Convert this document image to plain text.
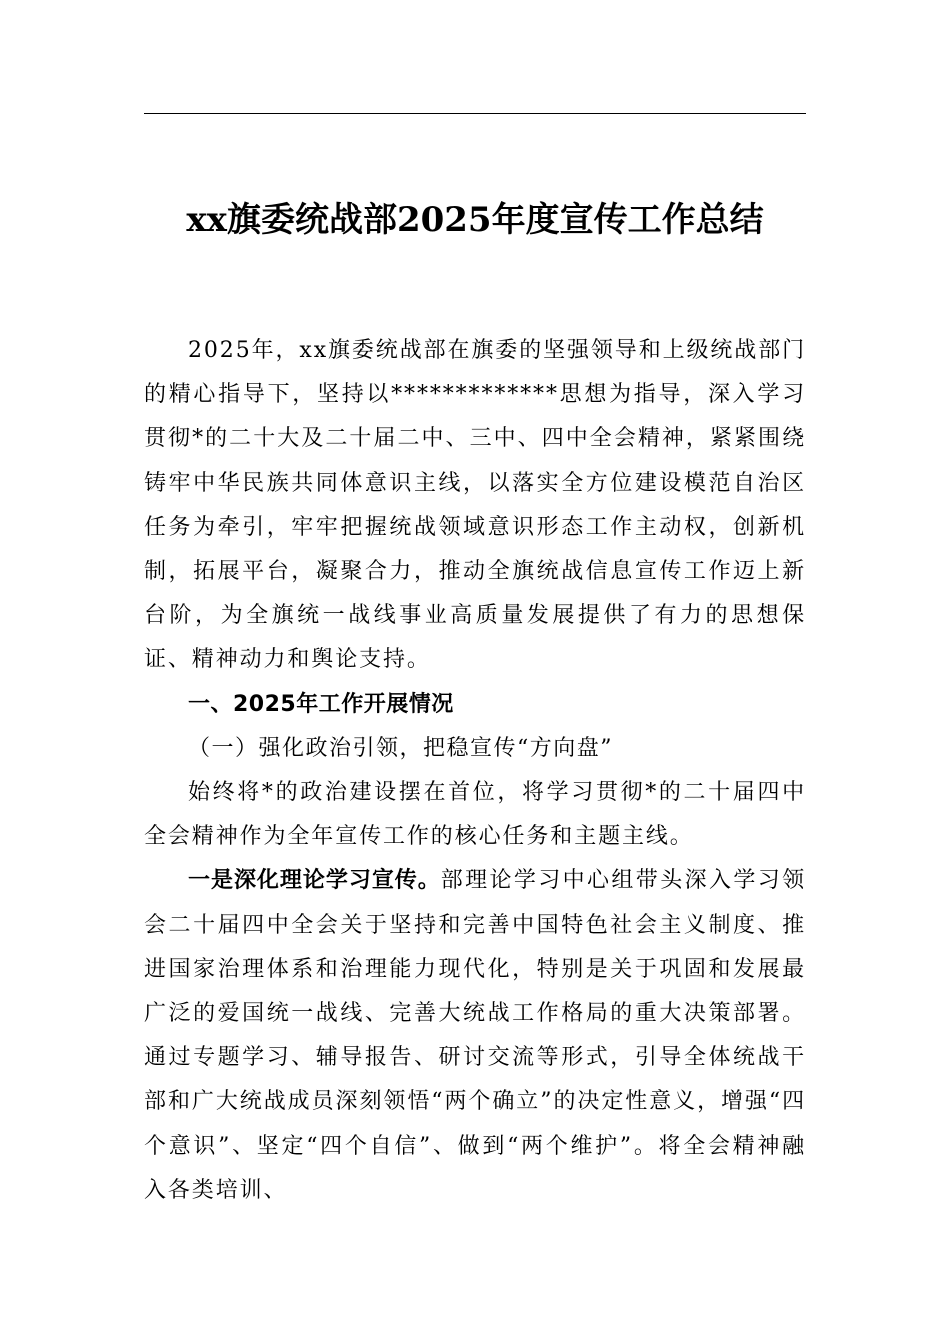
xx旗委统战部2025年度宣传工作总结

2025年，xx旗委统战部在旗委的坚强领导和上级统战部门的精心指导下，坚持以*************思想为指导，深入学习贯彻*的二十大及二十届二中、三中、四中全会精神，紧紧围绕铸牢中华民族共同体意识主线，以落实全方位建设模范自治区任务为牵引，牢牢把握统战领域意识形态工作主动权，创新机制，拓展平台，凝聚合力，推动全旗统战信息宣传工作迈上新台阶，为全旗统一战线事业高质量发展提供了有力的思想保证、精神动力和舆论支持。

一、2025年工作开展情况

（一）强化政治引领，把稳宣传“方向盘”

始终将*的政治建设摆在首位，将学习贯彻*的二十届四中全会精神作为全年宣传工作的核心任务和主题主线。

一是深化理论学习宣传。部理论学习中心组带头深入学习领会二十届四中全会关于坚持和完善中国特色社会主义制度、推进国家治理体系和治理能力现代化，特别是关于巩固和发展最广泛的爱国统一战线、完善大统战工作格局的重大决策部署。通过专题学习、辅导报告、研讨交流等形式，引导全体统战干部和广大统战成员深刻领悟“两个确立”的决定性意义，增强“四个意识”、坚定“四个自信”、做到“两个维护”。将全会精神融入各类培训、
